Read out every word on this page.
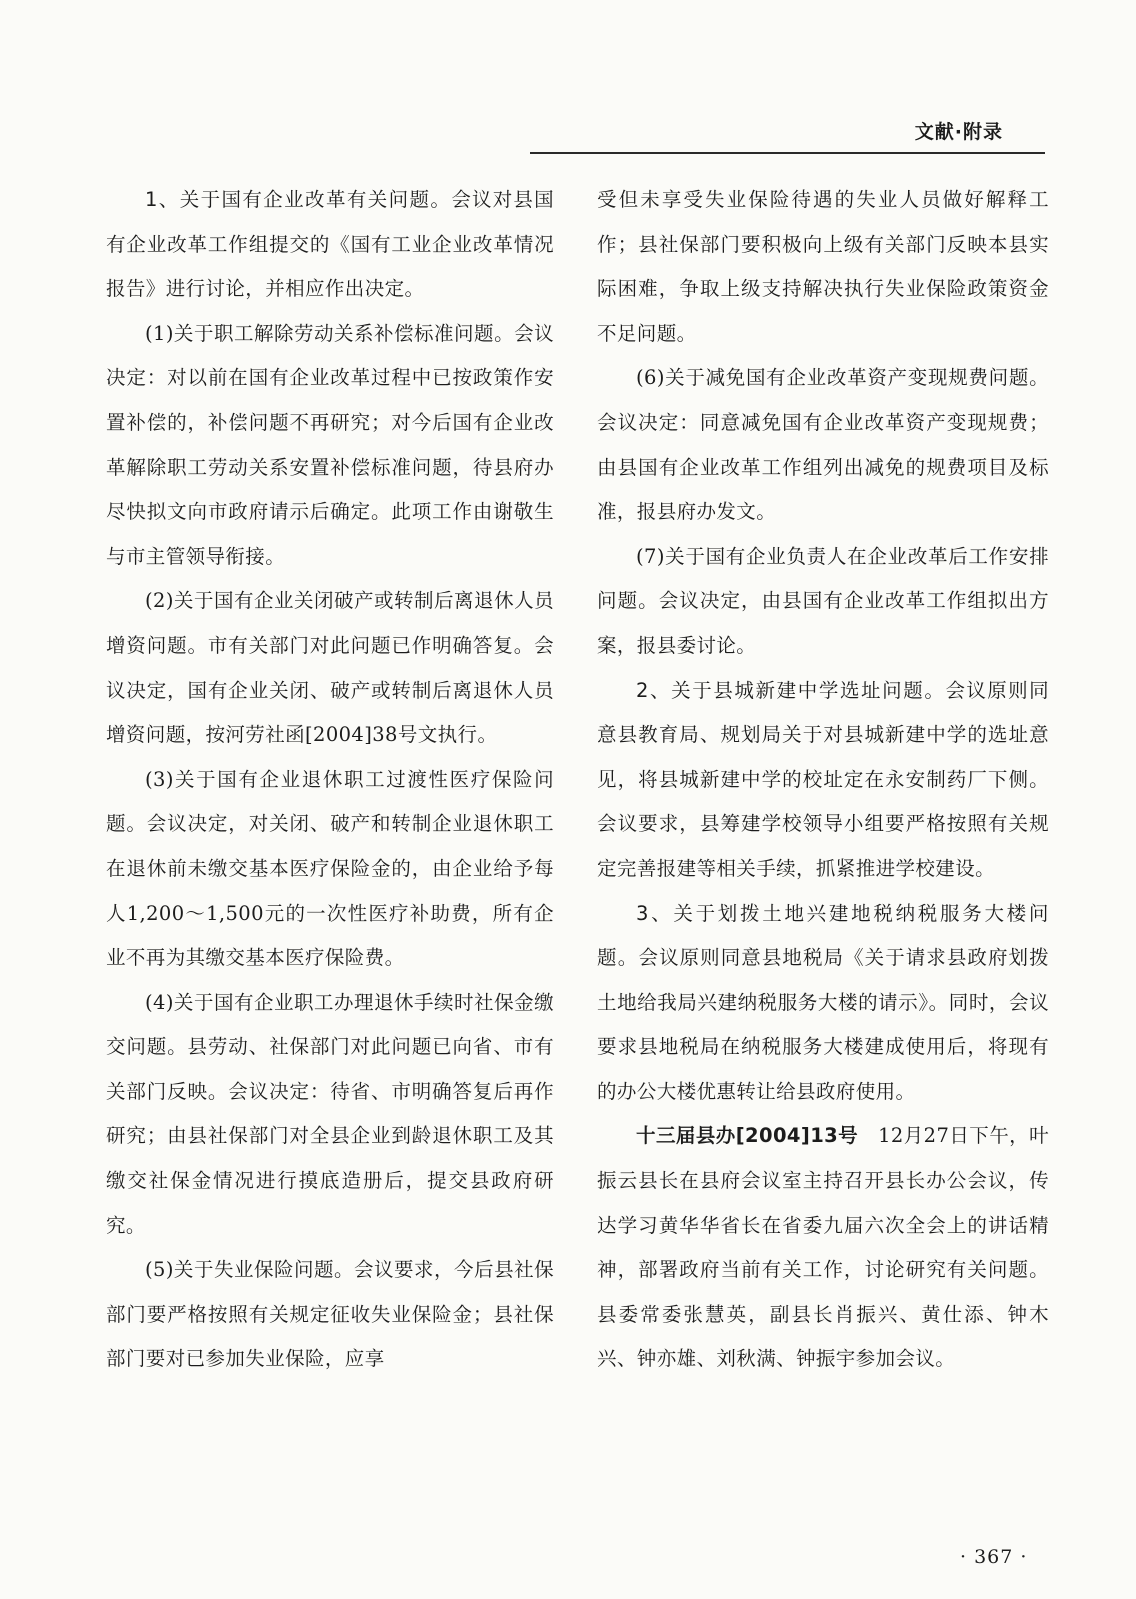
文献·附录

1、关于国有企业改革有关问题。会议对县国有企业改革工作组提交的《国有工业企业改革情况报告》进行讨论，并相应作出决定。

(1)关于职工解除劳动关系补偿标准问题。会议决定：对以前在国有企业改革过程中已按政策作安置补偿的，补偿问题不再研究；对今后国有企业改革解除职工劳动关系安置补偿标准问题，待县府办尽快拟文向市政府请示后确定。此项工作由谢敬生与市主管领导衔接。

(2)关于国有企业关闭破产或转制后离退休人员增资问题。市有关部门对此问题已作明确答复。会议决定，国有企业关闭、破产或转制后离退休人员增资问题，按河劳社函[2004]38号文执行。

(3)关于国有企业退休职工过渡性医疗保险问题。会议决定，对关闭、破产和转制企业退休职工在退休前未缴交基本医疗保险金的，由企业给予每人1,200～1,500元的一次性医疗补助费，所有企业不再为其缴交基本医疗保险费。

(4)关于国有企业职工办理退休手续时社保金缴交问题。县劳动、社保部门对此问题已向省、市有关部门反映。会议决定：待省、市明确答复后再作研究；由县社保部门对全县企业到龄退休职工及其缴交社保金情况进行摸底造册后，提交县政府研究。

(5)关于失业保险问题。会议要求，今后县社保部门要严格按照有关规定征收失业保险金；县社保部门要对已参加失业保险，应享

受但未享受失业保险待遇的失业人员做好解释工作；县社保部门要积极向上级有关部门反映本县实际困难，争取上级支持解决执行失业保险政策资金不足问题。

(6)关于减免国有企业改革资产变现规费问题。会议决定：同意减免国有企业改革资产变现规费；由县国有企业改革工作组列出减免的规费项目及标准，报县府办发文。

(7)关于国有企业负责人在企业改革后工作安排问题。会议决定，由县国有企业改革工作组拟出方案，报县委讨论。

2、关于县城新建中学选址问题。会议原则同意县教育局、规划局关于对县城新建中学的选址意见，将县城新建中学的校址定在永安制药厂下侧。会议要求，县筹建学校领导小组要严格按照有关规定完善报建等相关手续，抓紧推进学校建设。

3、关于划拨土地兴建地税纳税服务大楼问题。会议原则同意县地税局《关于请求县政府划拨土地给我局兴建纳税服务大楼的请示》。同时，会议要求县地税局在纳税服务大楼建成使用后，将现有的办公大楼优惠转让给县政府使用。

十三届县办[2004]13号　 12月27日下午，叶振云县长在县府会议室主持召开县长办公会议，传达学习黄华华省长在省委九届六次全会上的讲话精神，部署政府当前有关工作，讨论研究有关问题。县委常委张慧英，副县长肖振兴、黄仕添、钟木兴、钟亦雄、刘秋满、钟振宇参加会议。

· 367 ·
